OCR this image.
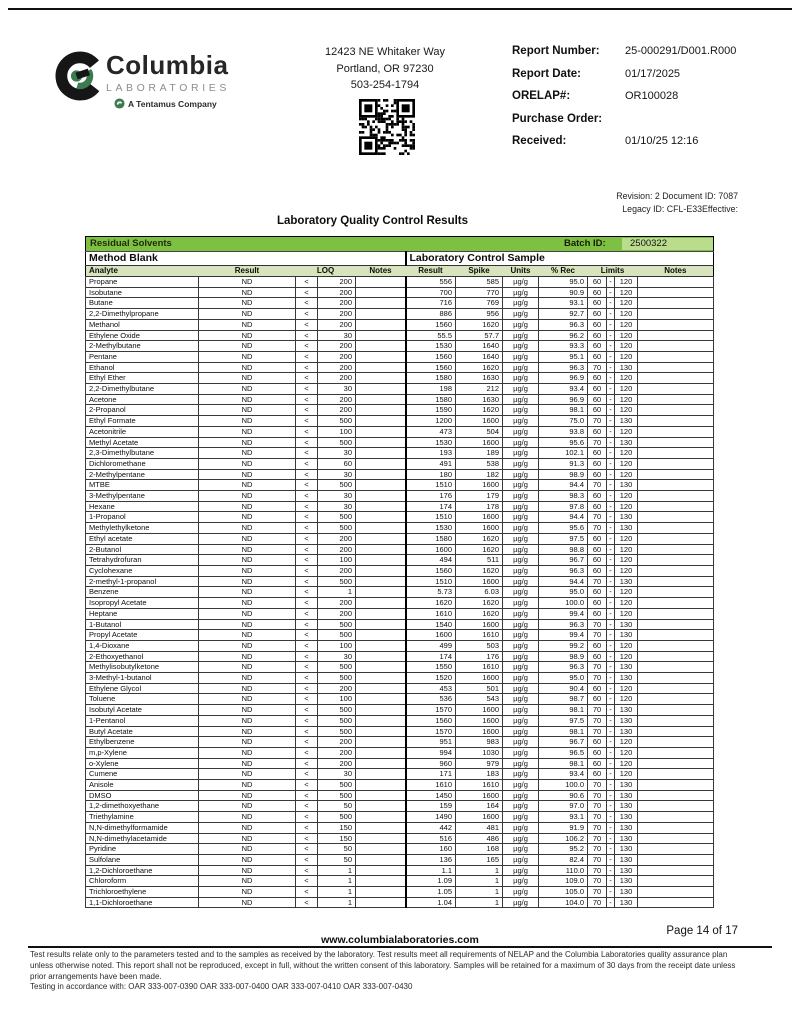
Columbia
LABORATORIES
A Tentamus Company
12423 NE Whitaker Way
Portland, OR 97230
503-254-1794
Report Number:	25-000291/D001.R000
Report Date:	01/17/2025
ORELAP#:	OR100028
Purchase Order:
Received:	01/10/25 12:16
Revision: 2 Document ID: 7087
Legacy ID: CFL-E33Effective:
Laboratory Quality Control Results
Residual Solvents Batch ID: 2500322												

Method Blank					Laboratory Control Sample							
Analyte	Result	LOQ		Notes	Result	Spike	Units	% Rec	Limits			Notes
Propane	ND	<	200		556	585	µg/g	95.0	60	-	120	
Isobutane	ND	<	200		700	770	µg/g	90.9	60	-	120	
Butane	ND	<	200		716	769	µg/g	93.1	60	-	120	
2,2-Dimethylpropane	ND	<	200		886	956	µg/g	92.7	60	-	120	
Methanol	ND	<	200		1560	1620	µg/g	96.3	60	-	120	
Ethylene Oxide	ND	<	30		55.5	57.7	µg/g	96.2	60	-	120	
2-Methylbutane	ND	<	200		1530	1640	µg/g	93.3	60	-	120	
Pentane	ND	<	200		1560	1640	µg/g	95.1	60	-	120	
Ethanol	ND	<	200		1560	1620	µg/g	96.3	70	-	130	
Ethyl Ether	ND	<	200		1580	1630	µg/g	96.9	60	-	120	
2,2-Dimethylbutane	ND	<	30		198	212	µg/g	93.4	60	-	120	
Acetone	ND	<	200		1580	1630	µg/g	96.9	60	-	120	
2-Propanol	ND	<	200		1590	1620	µg/g	98.1	60	-	120	
Ethyl Formate	ND	<	500		1200	1600	µg/g	75.0	70	-	130	
Acetonitrile	ND	<	100		473	504	µg/g	93.8	60	-	120	
Methyl Acetate	ND	<	500		1530	1600	µg/g	95.6	70	-	130	
2,3-Dimethylbutane	ND	<	30		193	189	µg/g	102.1	60	-	120	
Dichloromethane	ND	<	60		491	538	µg/g	91.3	60	-	120	
2-Methylpentane	ND	<	30		180	182	µg/g	98.9	60	-	120	
MTBE	ND	<	500		1510	1600	µg/g	94.4	70	-	130	
3-Methylpentane	ND	<	30		176	179	µg/g	98.3	60	-	120	
Hexane	ND	<	30		174	178	µg/g	97.8	60	-	120	
1-Propanol	ND	<	500		1510	1600	µg/g	94.4	70	-	130	
Methylethylketone	ND	<	500		1530	1600	µg/g	95.6	70	-	130	
Ethyl acetate	ND	<	200		1580	1620	µg/g	97.5	60	-	120	
2-Butanol	ND	<	200		1600	1620	µg/g	98.8	60	-	120	
Tetrahydrofuran	ND	<	100		494	511	µg/g	96.7	60	-	120	
Cyclohexane	ND	<	200		1560	1620	µg/g	96.3	60	-	120	
2-methyl-1-propanol	ND	<	500		1510	1600	µg/g	94.4	70	-	130	
Benzene	ND	<	1		5.73	6.03	µg/g	95.0	60	-	120	
Isopropyl Acetate	ND	<	200		1620	1620	µg/g	100.0	60	-	120	
Heptane	ND	<	200		1610	1620	µg/g	99.4	60	-	120	
1-Butanol	ND	<	500		1540	1600	µg/g	96.3	70	-	130	
Propyl Acetate	ND	<	500		1600	1610	µg/g	99.4	70	-	130	
1,4-Dioxane	ND	<	100		499	503	µg/g	99.2	60	-	120	
2-Ethoxyethanol	ND	<	30		174	176	µg/g	98.9	60	-	120	
Methylisobutylketone	ND	<	500		1550	1610	µg/g	96.3	70	-	130	
3-Methyl-1-butanol	ND	<	500		1520	1600	µg/g	95.0	70	-	130	
Ethylene Glycol	ND	<	200		453	501	µg/g	90.4	60	-	120	
Toluene	ND	<	100		536	543	µg/g	98.7	60	-	120	
Isobutyl Acetate	ND	<	500		1570	1600	µg/g	98.1	70	-	130	
1-Pentanol	ND	<	500		1560	1600	µg/g	97.5	70	-	130	
Butyl Acetate	ND	<	500		1570	1600	µg/g	98.1	70	-	130	
Ethylbenzene	ND	<	200		951	983	µg/g	96.7	60	-	120	
m,p-Xylene	ND	<	200		994	1030	µg/g	96.5	60	-	120	
o-Xylene	ND	<	200		960	979	µg/g	98.1	60	-	120	
Cumene	ND	<	30		171	183	µg/g	93.4	60	-	120	
Anisole	ND	<	500		1610	1610	µg/g	100.0	70	-	130	
DMSO	ND	<	500		1450	1600	µg/g	90.6	70	-	130	
1,2-dimethoxyethane	ND	<	50		159	164	µg/g	97.0	70	-	130	
Triethylamine	ND	<	500		1490	1600	µg/g	93.1	70	-	130	
N,N-dimethylformamide	ND	<	150		442	481	µg/g	91.9	70	-	130	
N,N-dimethylacetamide	ND	<	150		516	486	µg/g	106.2	70	-	130	
Pyridine	ND	<	50		160	168	µg/g	95.2	70	-	130	
Sulfolane	ND	<	50		136	165	µg/g	82.4	70	-	130	
1,2-Dichloroethane	ND	<	1		1.1	1	µg/g	110.0	70	-	130	
Chloroform	ND	<	1		1.09	1	µg/g	109.0	70	-	130	
Trichloroethylene	ND	<	1		1.05	1	µg/g	105.0	70	-	130	
1,1-Dichloroethane	ND	<	1		1.04	1	µg/g	104.0	70	-	130	
Page 14 of 17
www.columbialaboratories.com
Test results relate only to the parameters tested and to the samples as received by the laboratory. Test results meet all requirements of NELAP and the Columbia Laboratories quality assurance plan
unless otherwise noted. This report shall not be reproduced, except in full, without the written consent of this laboratory. Samples will be retained for a maximum of 30 days from the receipt date unless
prior arrangements have been made.
Testing in accordance with: OAR 333-007-0390 OAR 333-007-0400 OAR 333-007-0410 OAR 333-007-0430
